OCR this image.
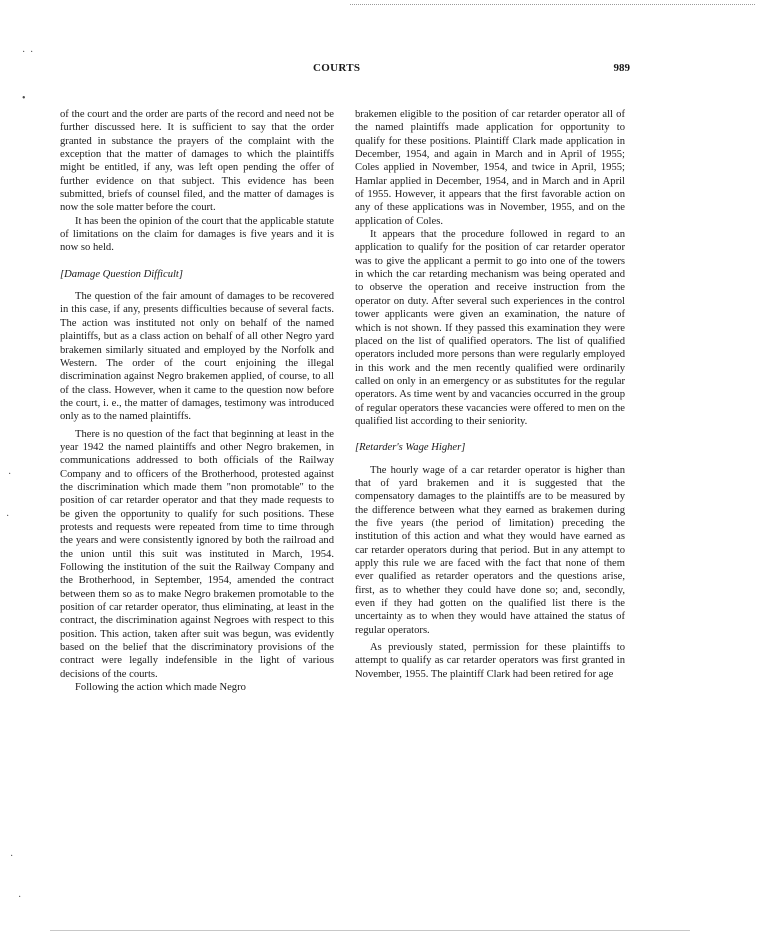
· ·
•
·
·
·
·
COURTS	989

of the court and the order are parts of the record and need not be further discussed here. It is sufficient to say that the order granted in substance the prayers of the complaint with the exception that the matter of damages to which the plaintiffs might be entitled, if any, was left open pending the offer of further evidence on that subject. This evidence has been submitted, briefs of counsel filed, and the matter of damages is now the sole matter before the court.

It has been the opinion of the court that the applicable statute of limitations on the claim for damages is five years and it is now so held.

[Damage Question Difficult]

The question of the fair amount of damages to be recovered in this case, if any, presents difficulties because of several facts. The action was instituted not only on behalf of the named plaintiffs, but as a class action on behalf of all other Negro yard brakemen similarly situated and employed by the Norfolk and Western. The order of the court enjoining the illegal discrimination against Negro brakemen applied, of course, to all of the class. However, when it came to the question now before the court, i. e., the matter of damages, testimony was introduced only as to the named plaintiffs.

There is no question of the fact that beginning at least in the year 1942 the named plaintiffs and other Negro brakemen, in communications addressed to both officials of the Railway Company and to officers of the Brotherhood, protested against the discrimination which made them "non promotable" to the position of car retarder operator and that they made requests to be given the opportunity to qualify for such positions. These protests and requests were repeated from time to time through the years and were consistently ignored by both the railroad and the union until this suit was instituted in March, 1954. Following the institution of the suit the Railway Company and the Brotherhood, in September, 1954, amended the contract between them so as to make Negro brakemen promotable to the position of car retarder operator, thus eliminating, at least in the contract, the discrimination against Negroes with respect to this position. This action, taken after suit was begun, was evidently based on the belief that the discriminatory provisions of the contract were legally indefensible in the light of various decisions of the courts.

Following the action which made Negro

brakemen eligible to the position of car retarder operator all of the named plaintiffs made application for opportunity to qualify for these positions. Plaintiff Clark made application in December, 1954, and again in March and in April of 1955; Coles applied in November, 1954, and twice in April, 1955; Hamlar applied in December, 1954, and in March and in April of 1955. However, it appears that the first favorable action on any of these applications was in November, 1955, and on the application of Coles.

It appears that the procedure followed in regard to an application to qualify for the position of car retarder operator was to give the applicant a permit to go into one of the towers in which the car retarding mechanism was being operated and to observe the operation and receive instruction from the operator on duty. After several such experiences in the control tower applicants were given an examination, the nature of which is not shown. If they passed this examination they were placed on the list of qualified operators. The list of qualified operators included more persons than were regularly employed in this work and the men recently qualified were ordinarily called on only in an emergency or as substitutes for the regular operators. As time went by and vacancies occurred in the group of regular operators these vacancies were offered to men on the qualified list according to their seniority.

[Retarder's Wage Higher]

The hourly wage of a car retarder operator is higher than that of yard brakemen and it is suggested that the compensatory damages to the plaintiffs are to be measured by the difference between what they earned as brakemen during the five years (the period of limitation) preceding the institution of this action and what they would have earned as car retarder operators during that period. But in any attempt to apply this rule we are faced with the fact that none of them ever qualified as retarder operators and the questions arise, first, as to whether they could have done so; and, secondly, even if they had gotten on the qualified list there is the uncertainty as to when they would have attained the status of regular operators.

As previously stated, permission for these plaintiffs to attempt to qualify as car retarder operators was first granted in November, 1955. The plaintiff Clark had been retired for age
